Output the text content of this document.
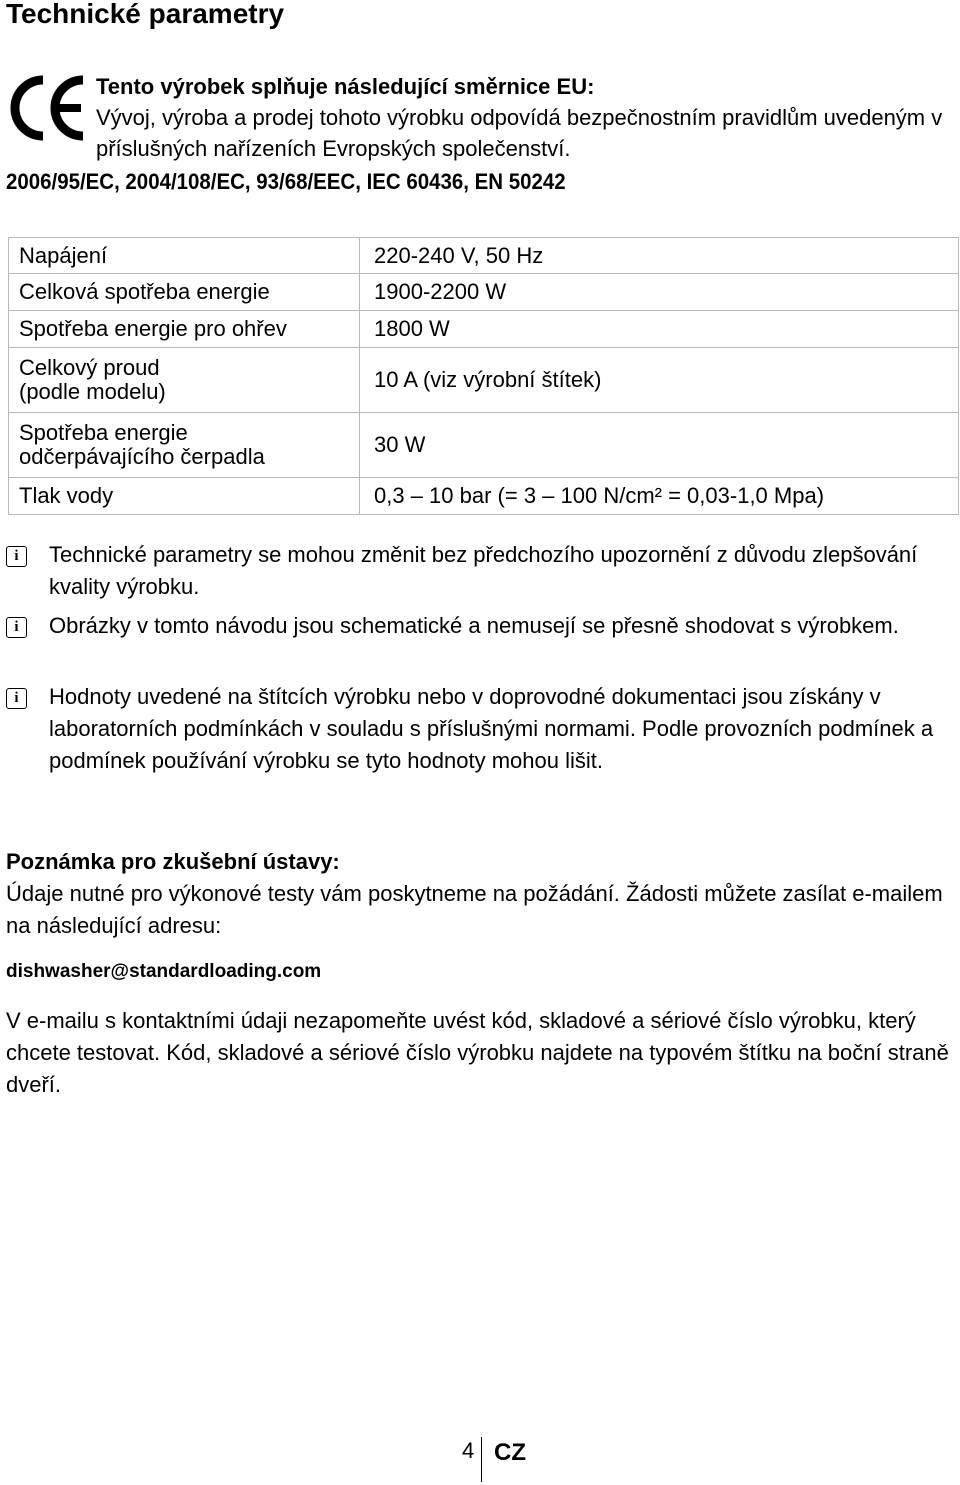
Technické parametry
Tento výrobek splňuje následující směrnice EU:
Vývoj, výroba a prodej tohoto výrobku odpovídá bezpečnostním pravidlům uvedeným v příslušných nařízeních Evropských společenství.
2006/95/EC, 2004/108/EC, 93/68/EEC, IEC 60436, EN 50242
Napájení	220-240 V, 50 Hz
Celková spotřeba energie	1900-2200 W
Spotřeba energie pro ohřev	1800 W
Celkový proud
(podle modelu)	10 A (viz výrobní štítek)
Spotřeba energie
odčerpávajícího čerpadla	30 W
Tlak vody	0,3 – 10 bar (= 3 – 100 N/cm² = 0,03-1,0 Mpa)
i	Technické parametry se mohou změnit bez předchozího upozornění z důvodu zlepšování kvality výrobku.
i	Obrázky v tomto návodu jsou schematické a nemusejí se přesně shodovat s výrobkem.
i	Hodnoty uvedené na štítcích výrobku nebo v doprovodné dokumentaci jsou získány v laboratorních podmínkách v souladu s příslušnými normami. Podle provozních podmínek a podmínek používání výrobku se tyto hodnoty mohou lišit.
Poznámka pro zkušební ústavy:
Údaje nutné pro výkonové testy vám poskytneme na požádání. Žádosti můžete zasílat e-mailem na následující adresu:
dishwasher@standardloading.com
V e-mailu s kontaktními údaji nezapomeňte uvést kód, skladové a sériové číslo výrobku, který chcete testovat. Kód, skladové a sériové číslo výrobku najdete na typovém štítku na boční straně dveří.
4 CZ
